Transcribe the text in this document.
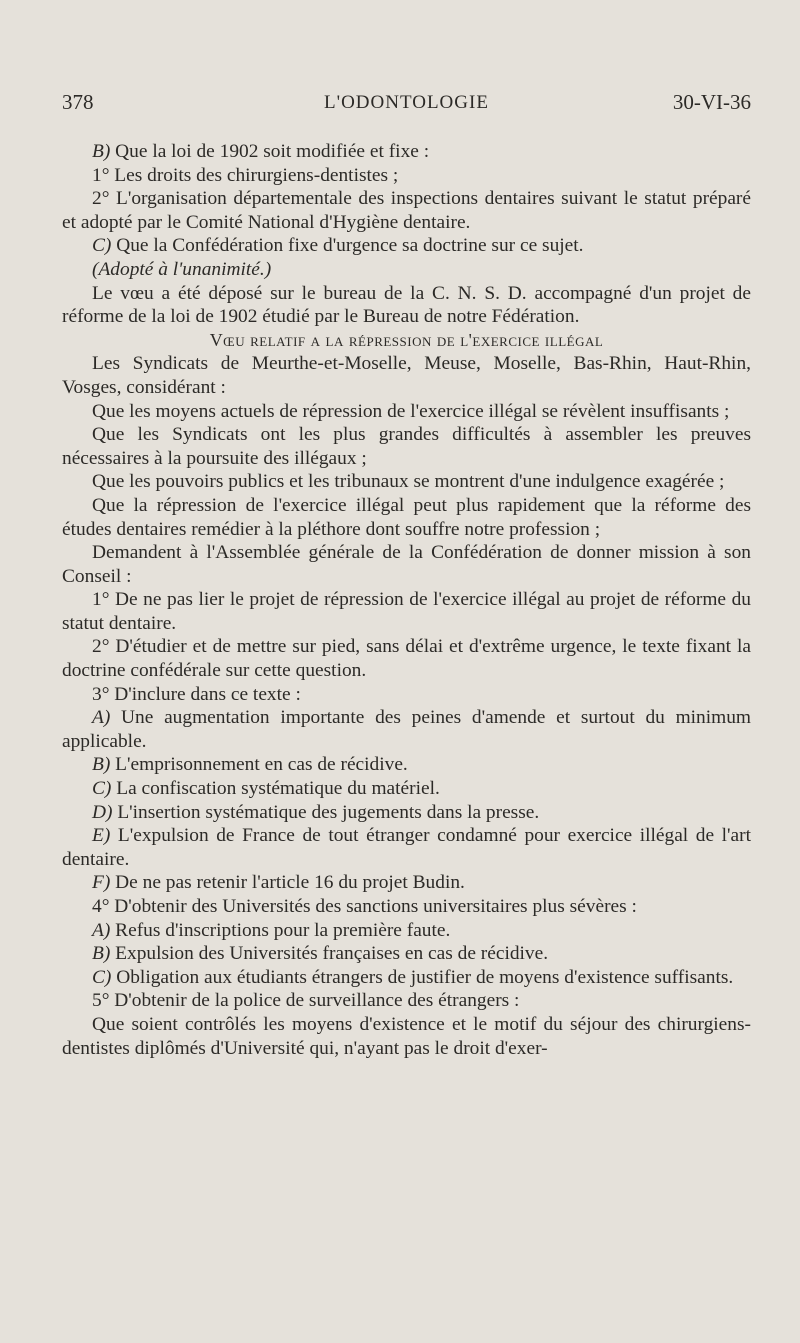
378	L'ODONTOLOGIE	30-VI-36

B) Que la loi de 1902 soit modifiée et fixe :

1° Les droits des chirurgiens-dentistes ;

2° L'organisation départementale des inspections dentaires suivant le statut préparé et adopté par le Comité National d'Hygiène dentaire.

C) Que la Confédération fixe d'urgence sa doctrine sur ce sujet.

(Adopté à l'unanimité.)

Le vœu a été déposé sur le bureau de la C. N. S. D. accompagné d'un projet de réforme de la loi de 1902 étudié par le Bureau de notre Fédération.

Vœu relatif a la répression de l'exercice illégal

Les Syndicats de Meurthe-et-Moselle, Meuse, Moselle, Bas-Rhin, Haut-Rhin, Vosges, considérant :

Que les moyens actuels de répression de l'exercice illégal se révèlent insuffisants ;

Que les Syndicats ont les plus grandes difficultés à assembler les preuves nécessaires à la poursuite des illégaux ;

Que les pouvoirs publics et les tribunaux se montrent d'une indulgence exagérée ;

Que la répression de l'exercice illégal peut plus rapidement que la réforme des études dentaires remédier à la pléthore dont souffre notre profession ;

Demandent à l'Assemblée générale de la Confédération de donner mission à son Conseil :

1° De ne pas lier le projet de répression de l'exercice illégal au projet de réforme du statut dentaire.

2° D'étudier et de mettre sur pied, sans délai et d'extrême urgence, le texte fixant la doctrine confédérale sur cette question.

3° D'inclure dans ce texte :

A) Une augmentation importante des peines d'amende et surtout du minimum applicable.

B) L'emprisonnement en cas de récidive.

C) La confiscation systématique du matériel.

D) L'insertion systématique des jugements dans la presse.

E) L'expulsion de France de tout étranger condamné pour exercice illégal de l'art dentaire.

F) De ne pas retenir l'article 16 du projet Budin.

4° D'obtenir des Universités des sanctions universitaires plus sévères :

A) Refus d'inscriptions pour la première faute.

B) Expulsion des Universités françaises en cas de récidive.

C) Obligation aux étudiants étrangers de justifier de moyens d'existence suffisants.

5° D'obtenir de la police de surveillance des étrangers :

Que soient contrôlés les moyens d'existence et le motif du séjour des chirurgiens-dentistes diplômés d'Université qui, n'ayant pas le droit d'exer-
